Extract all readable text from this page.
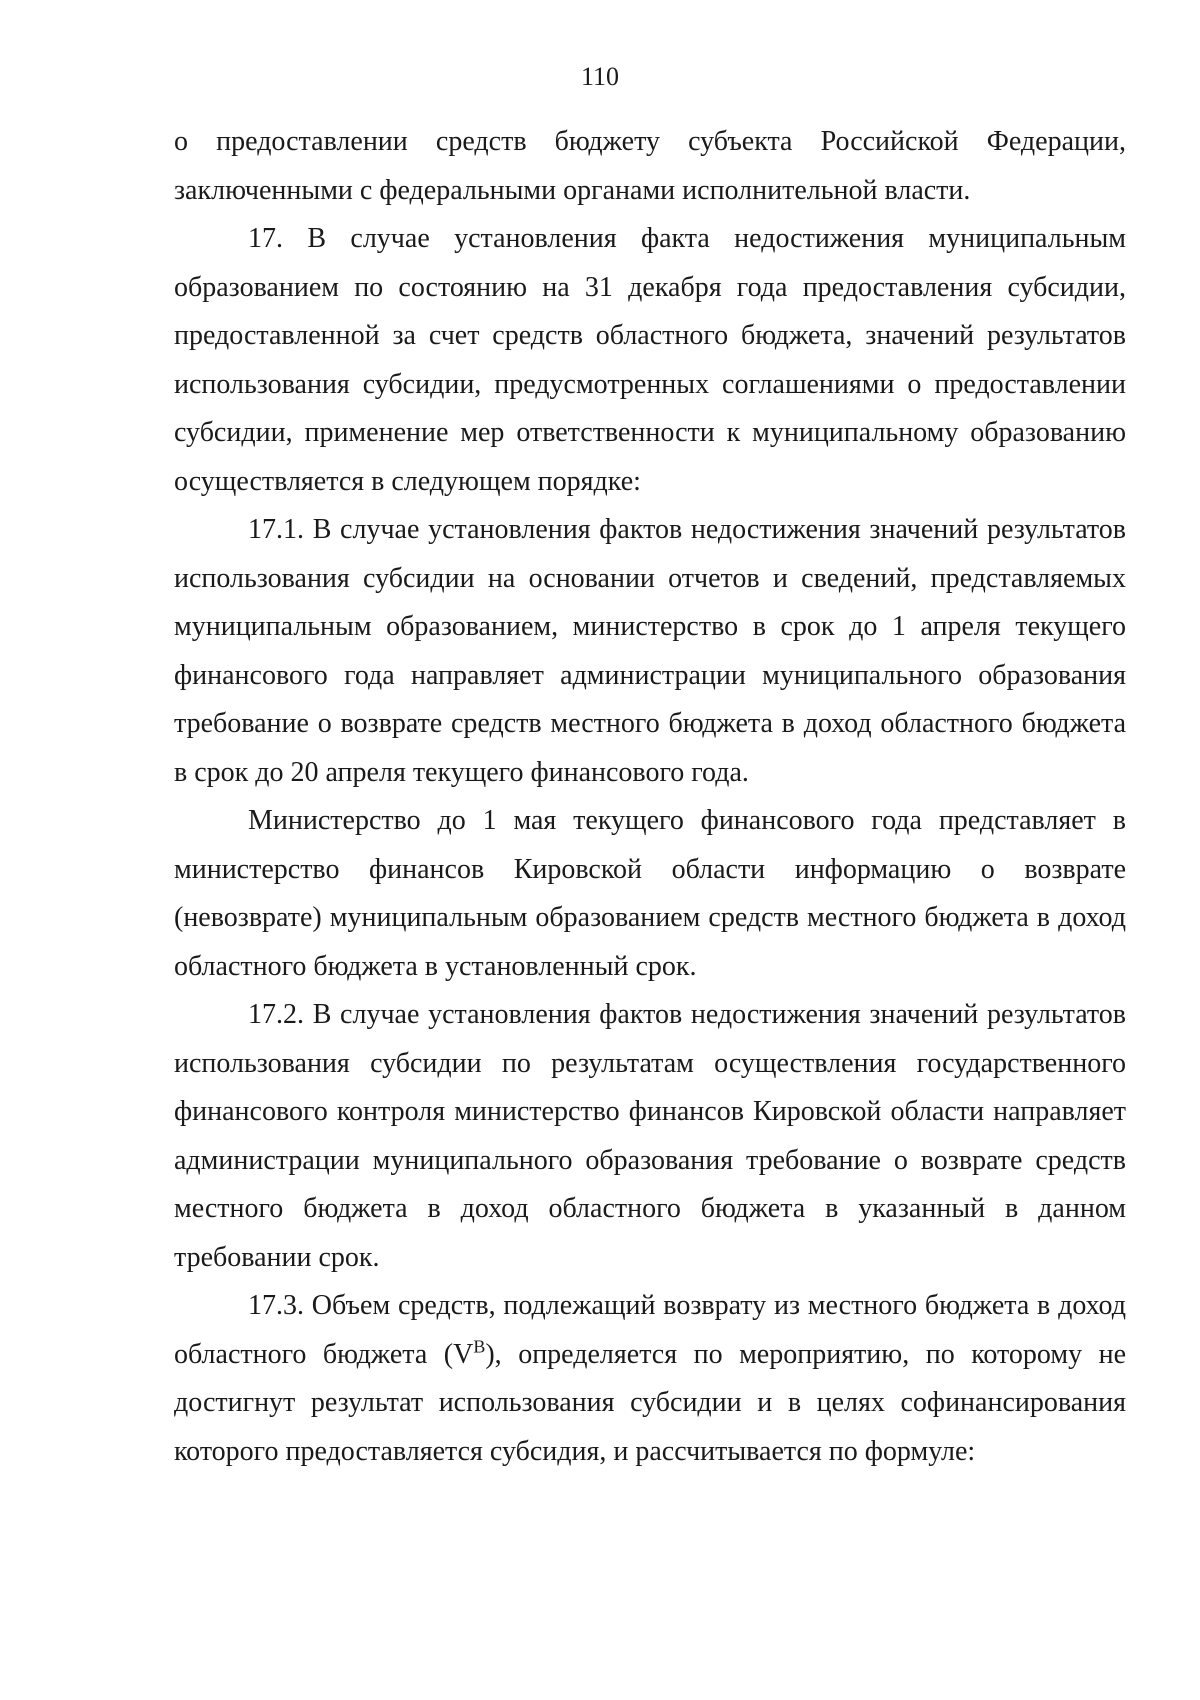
110

о предоставлении средств бюджету субъекта Российской Федерации, заключенными с федеральными органами исполнительной власти.

17. В случае установления факта недостижения муниципальным образованием по состоянию на 31 декабря года предоставления субсидии, предоставленной за счет средств областного бюджета, значений результатов использования субсидии, предусмотренных соглашениями о предоставлении субсидии, применение мер ответственности к муниципальному образованию осуществляется в следующем порядке:

17.1. В случае установления фактов недостижения значений результатов использования субсидии на основании отчетов и сведений, представляемых муниципальным образованием, министерство в срок до 1 апреля текущего финансового года направляет администрации муниципального образования требование о возврате средств местного бюджета в доход областного бюджета в срок до 20 апреля текущего финансового года.

Министерство до 1 мая текущего финансового года представляет в министерство финансов Кировской области информацию о возврате (невозврате) муниципальным образованием средств местного бюджета в доход областного бюджета в установленный срок.

17.2. В случае установления фактов недостижения значений результатов использования субсидии по результатам осуществления государственного финансового контроля министерство финансов Кировской области направляет администрации муниципального образования требование о возврате средств местного бюджета в доход областного бюджета в указанный в данном требовании срок.

17.3. Объем средств, подлежащий возврату из местного бюджета в доход областного бюджета $(V^В)$, определяется по мероприятию, по которому не достигнут результат использования субсидии и в целях софинансирования которого предоставляется субсидия, и рассчитывается по формуле:
